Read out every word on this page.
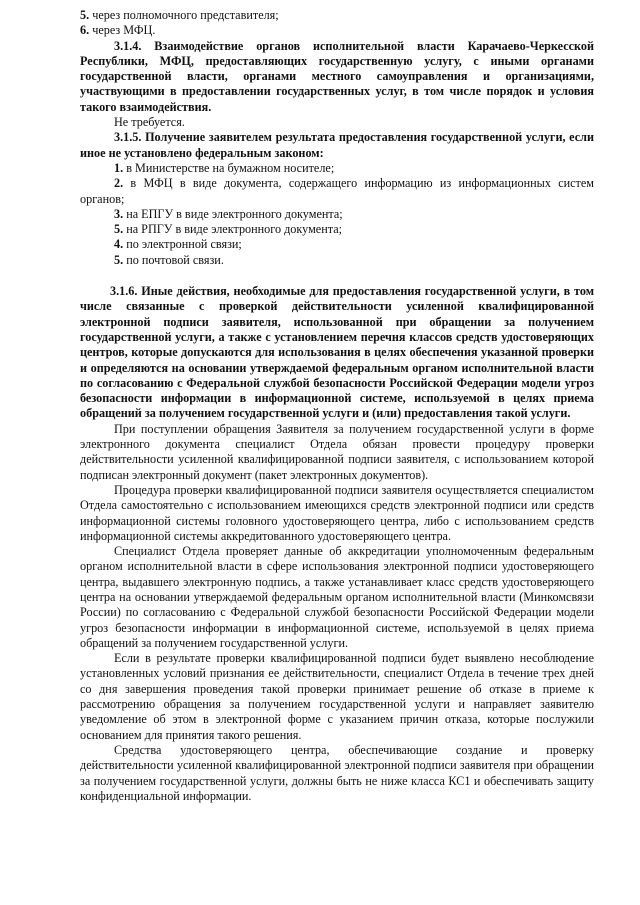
5. через полномочного представителя;

6. через МФЦ.

3.1.4. Взаимодействие органов исполнительной власти Карачаево-Черкесской Республики, МФЦ, предоставляющих государственную услугу, с иными органами государственной власти, органами местного самоуправления и организациями, участвующими в предоставлении государственных услуг, в том числе порядок и условия такого взаимодействия.

Не требуется.

3.1.5. Получение заявителем результата предоставления государственной услуги, если иное не установлено федеральным законом:

1. в Министерстве на бумажном носителе;

2. в МФЦ в виде документа, содержащего информацию из информационных систем органов;

3. на ЕПГУ в виде электронного документа;

5. на РПГУ в виде электронного документа;

4. по электронной связи;

5. по почтовой связи.

3.1.6. Иные действия, необходимые для предоставления государственной услуги, в том числе связанные с проверкой действительности усиленной квалифицированной электронной подписи заявителя, использованной при обращении за получением государственной услуги, а также с установлением перечня классов средств удостоверяющих центров, которые допускаются для использования в целях обеспечения указанной проверки и определяются на основании утверждаемой федеральным органом исполнительной власти по согласованию с Федеральной службой безопасности Российской Федерации модели угроз безопасности информации в информационной системе, используемой в целях приема обращений за получением государственной услуги и (или) предоставления такой услуги.

При поступлении обращения Заявителя за получением государственной услуги в форме электронного документа специалист Отдела обязан провести процедуру проверки действительности усиленной квалифицированной подписи заявителя, с использованием которой подписан электронный документ (пакет электронных документов).

Процедура проверки квалифицированной подписи заявителя осуществляется специалистом Отдела самостоятельно с использованием имеющихся средств электронной подписи или средств информационной системы головного удостоверяющего центра, либо с использованием средств информационной системы аккредитованного удостоверяющего центра.

Специалист Отдела проверяет данные об аккредитации уполномоченным федеральным органом исполнительной власти в сфере использования электронной подписи удостоверяющего центра, выдавшего электронную подпись, а также устанавливает класс средств удостоверяющего центра на основании утверждаемой федеральным органом исполнительной власти (Минкомсвязи России) по согласованию с Федеральной службой безопасности Российской Федерации модели угроз безопасности информации в информационной системе, используемой в целях приема обращений за получением государственной услуги.

Если в результате проверки квалифицированной подписи будет выявлено несоблюдение установленных условий признания ее действительности, специалист Отдела в течение трех дней со дня завершения проведения такой проверки принимает решение об отказе в приеме к рассмотрению обращения за получением государственной услуги и направляет заявителю уведомление об этом в электронной форме с указанием причин отказа, которые послужили основанием для принятия такого решения.

Средства удостоверяющего центра, обеспечивающие создание и проверку действительности усиленной квалифицированной электронной подписи заявителя при обращении за получением государственной услуги, должны быть не ниже класса КС1 и обеспечивать защиту конфиденциальной информации.
